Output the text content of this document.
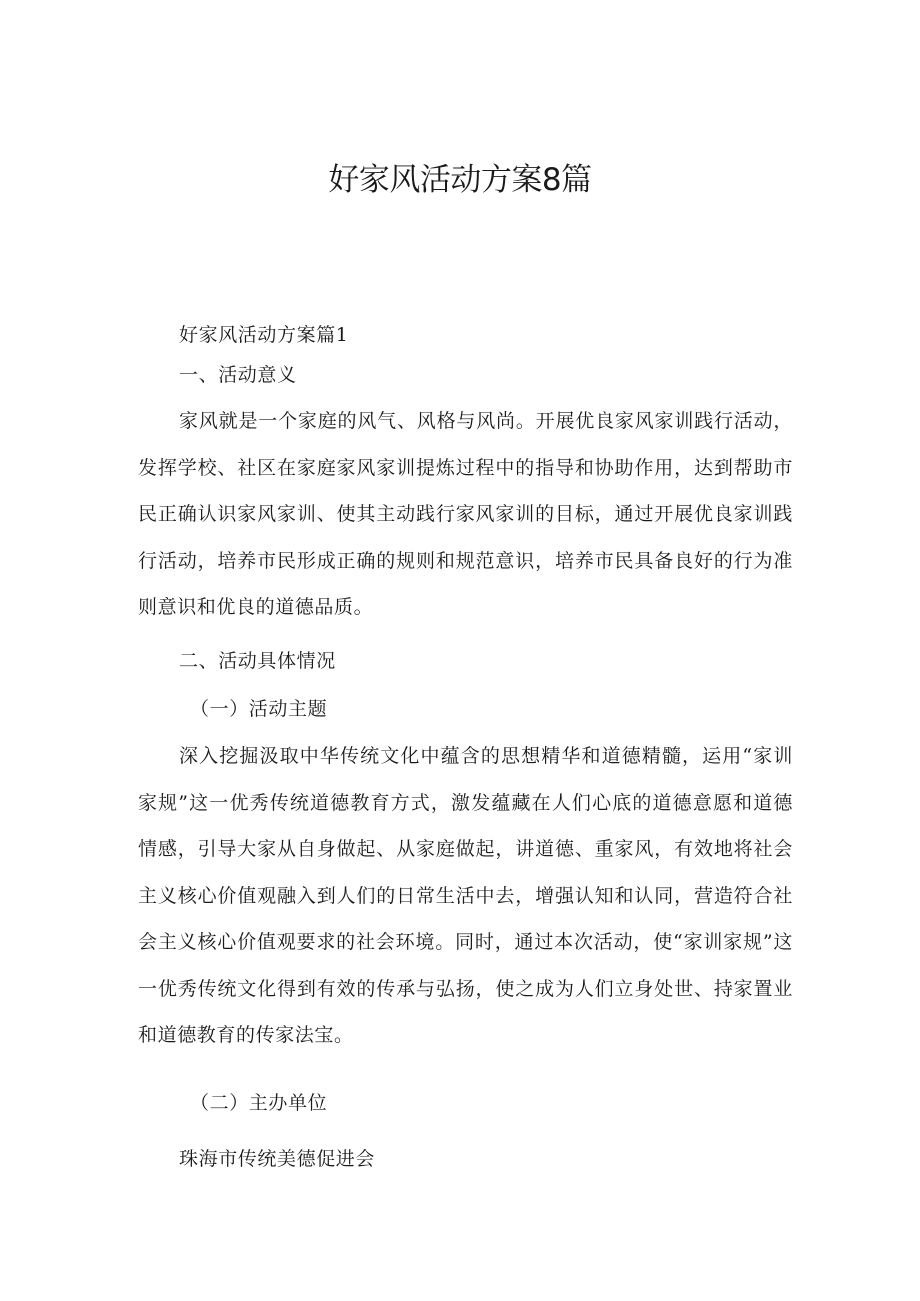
好家风活动方案8篇

好家风活动方案篇1

一、活动意义

家风就是一个家庭的风气、风格与风尚。开展优良家风家训践行活动，发挥学校、社区在家庭家风家训提炼过程中的指导和协助作用，达到帮助市民正确认识家风家训、使其主动践行家风家训的目标，通过开展优良家训践行活动，培养市民形成正确的规则和规范意识，培养市民具备良好的行为准则意识和优良的道德品质。

二、活动具体情况

（一）活动主题

深入挖掘汲取中华传统文化中蕴含的思想精华和道德精髓，运用“家训家规”这一优秀传统道德教育方式，激发蕴藏在人们心底的道德意愿和道德情感，引导大家从自身做起、从家庭做起，讲道德、重家风，有效地将社会主义核心价值观融入到人们的日常生活中去，增强认知和认同，营造符合社会主义核心价值观要求的社会环境。同时，通过本次活动，使“家训家规”这一优秀传统文化得到有效的传承与弘扬，使之成为人们立身处世、持家置业和道德教育的传家法宝。

（二）主办单位

珠海市传统美德促进会
